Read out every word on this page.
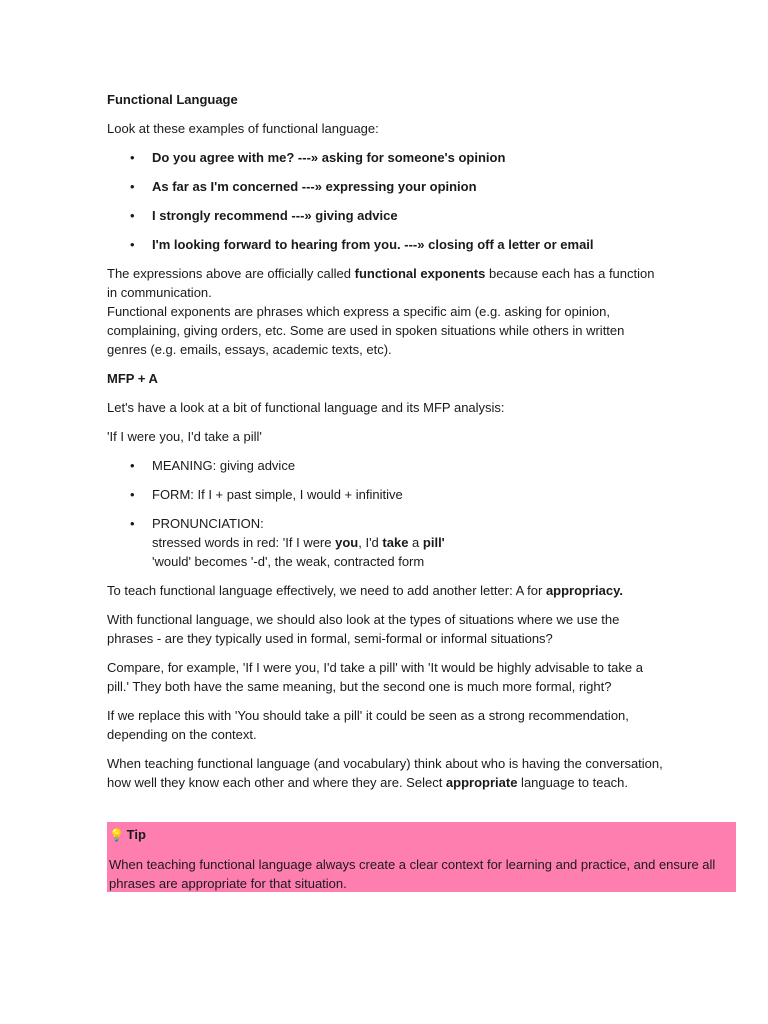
Functional Language

Look at these examples of functional language:

• Do you agree with me? ---» asking for someone's opinion
• As far as I'm concerned ---» expressing your opinion
• I strongly recommend ---» giving advice
• I'm looking forward to hearing from you. ---» closing off a letter or email

The expressions above are officially called functional exponents because each has a function in communication.

Functional exponents are phrases which express a specific aim (e.g. asking for opinion, complaining, giving orders, etc. Some are used in spoken situations while others in written genres (e.g. emails, essays, academic texts, etc).

MFP + A

Let's have a look at a bit of functional language and its MFP analysis:

'If I were you, I'd take a pill'

• MEANING: giving advice
• FORM: If I + past simple, I would + infinitive
• PRONUNCIATION:
stressed words in red: 'If I were you, I'd take a pill'
'would' becomes '-d', the weak, contracted form

To teach functional language effectively, we need to add another letter: A for appropriacy.

With functional language, we should also look at the types of situations where we use the phrases - are they typically used in formal, semi-formal or informal situations?

Compare, for example, 'If I were you, I'd take a pill' with 'It would be highly advisable to take a pill.' They both have the same meaning, but the second one is much more formal, right?

If we replace this with 'You should take a pill' it could be seen as a strong recommendation, depending on the context.

When teaching functional language (and vocabulary) think about who is having the conversation, how well they know each other and where they are. Select appropriate language to teach.

💡 Tip
When teaching functional language always create a clear context for learning and practice, and ensure all phrases are appropriate for that situation.
